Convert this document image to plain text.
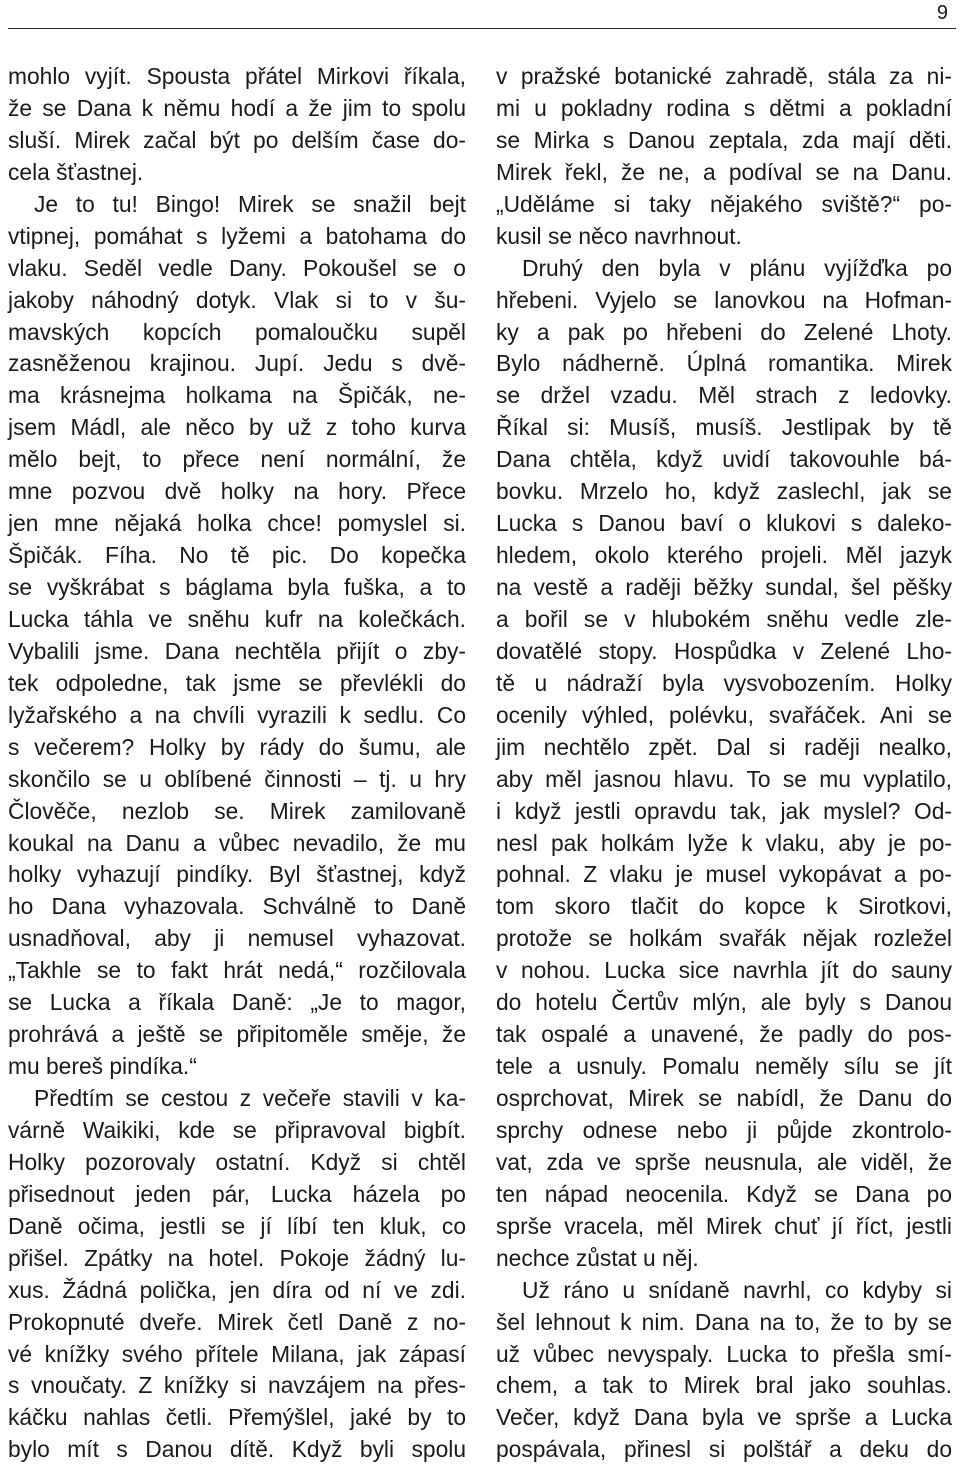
9
mohlo vyjít. Spousta přátel Mirkovi říkala,
že se Dana k němu hodí a že jim to spolu
sluší. Mirek začal být po delším čase do-
cela šťastnej.
Je to tu! Bingo! Mirek se snažil bejt
vtipnej, pomáhat s lyžemi a batohama do
vlaku. Seděl vedle Dany. Pokoušel se o
jakoby náhodný dotyk. Vlak si to v šu-
mavských kopcích pomaloučku supěl
zasněženou krajinou. Jupí. Jedu s dvě-
ma krásnejma holkama na Špičák, ne-
jsem Mádl, ale něco by už z toho kurva
mělo bejt, to přece není normální, že
mne pozvou dvě holky na hory. Přece
jen mne nějaká holka chce! pomyslel si.
Špičák. Fíha. No tě pic. Do kopečka
se vyškrábat s báglama byla fuška, a to
Lucka táhla ve sněhu kufr na kolečkách.
Vybalili jsme. Dana nechtěla přijít o zby-
tek odpoledne, tak jsme se převlékli do
lyžařského a na chvíli vyrazili k sedlu. Co
s večerem? Holky by rády do šumu, ale
skončilo se u oblíbené činnosti – tj. u hry
Člověče, nezlob se. Mirek zamilovaně
koukal na Danu a vůbec nevadilo, že mu
holky vyhazují pindíky. Byl šťastnej, když
ho Dana vyhazovala. Schválně to Daně
usnadňoval, aby ji nemusel vyhazovat.
„Takhle se to fakt hrát nedá,“ rozčilovala
se Lucka a říkala Daně: „Je to magor,
prohrává a ještě se připitoměle směje, že
mu bereš pindíka.“
Předtím se cestou z večeře stavili v ka-
várně Waikiki, kde se připravoval bigbít.
Holky pozorovaly ostatní. Když si chtěl
přisednout jeden pár, Lucka házela po
Daně očima, jestli se jí líbí ten kluk, co
přišel. Zpátky na hotel. Pokoje žádný lu-
xus. Žádná polička, jen díra od ní ve zdi.
Prokopnuté dveře. Mirek četl Daně z no-
vé knížky svého přítele Milana, jak zápasí
s vnoučaty. Z knížky si navzájem na přes-
káčku nahlas četli. Přemýšlel, jaké by to
bylo mít s Danou dítě. Když byli spolu
v pražské botanické zahradě, stála za ni-
mi u pokladny rodina s dětmi a pokladní
se Mirka s Danou zeptala, zda mají děti.
Mirek řekl, že ne, a podíval se na Danu.
„Uděláme si taky nějakého sviště?“ po-
kusil se něco navrhnout.
Druhý den byla v plánu vyjížďka po
hřebeni. Vyjelo se lanovkou na Hofman-
ky a pak po hřebeni do Zelené Lhoty.
Bylo nádherně. Úplná romantika. Mirek
se držel vzadu. Měl strach z ledovky.
Říkal si: Musíš, musíš. Jestlipak by tě
Dana chtěla, když uvidí takovouhle bá-
bovku. Mrzelo ho, když zaslechl, jak se
Lucka s Danou baví o klukovi s daleko-
hledem, okolo kterého projeli. Měl jazyk
na vestě a raději běžky sundal, šel pěšky
a bořil se v hlubokém sněhu vedle zle-
dovatělé stopy. Hospůdka v Zelené Lho-
tě u nádraží byla vysvobozením. Holky
ocenily výhled, polévku, svařáček. Ani se
jim nechtělo zpět. Dal si raději nealko,
aby měl jasnou hlavu. To se mu vyplatilo,
i když jestli opravdu tak, jak myslel? Od-
nesl pak holkám lyže k vlaku, aby je po-
pohnal. Z vlaku je musel vykopávat a po-
tom skoro tlačit do kopce k Sirotkovi,
protože se holkám svařák nějak rozležel
v nohou. Lucka sice navrhla jít do sauny
do hotelu Čertův mlýn, ale byly s Danou
tak ospalé a unavené, že padly do pos-
tele a usnuly. Pomalu neměly sílu se jít
osprchovat, Mirek se nabídl, že Danu do
sprchy odnese nebo ji půjde zkontrolo-
vat, zda ve sprše neusnula, ale viděl, že
ten nápad neocenila. Když se Dana po
sprše vracela, měl Mirek chuť jí říct, jestli
nechce zůstat u něj.
Už ráno u snídaně navrhl, co kdyby si
šel lehnout k nim. Dana na to, že to by se
už vůbec nevyspaly. Lucka to přešla smí-
chem, a tak to Mirek bral jako souhlas.
Večer, když Dana byla ve sprše a Lucka
pospávala, přinesl si polštář a deku do
